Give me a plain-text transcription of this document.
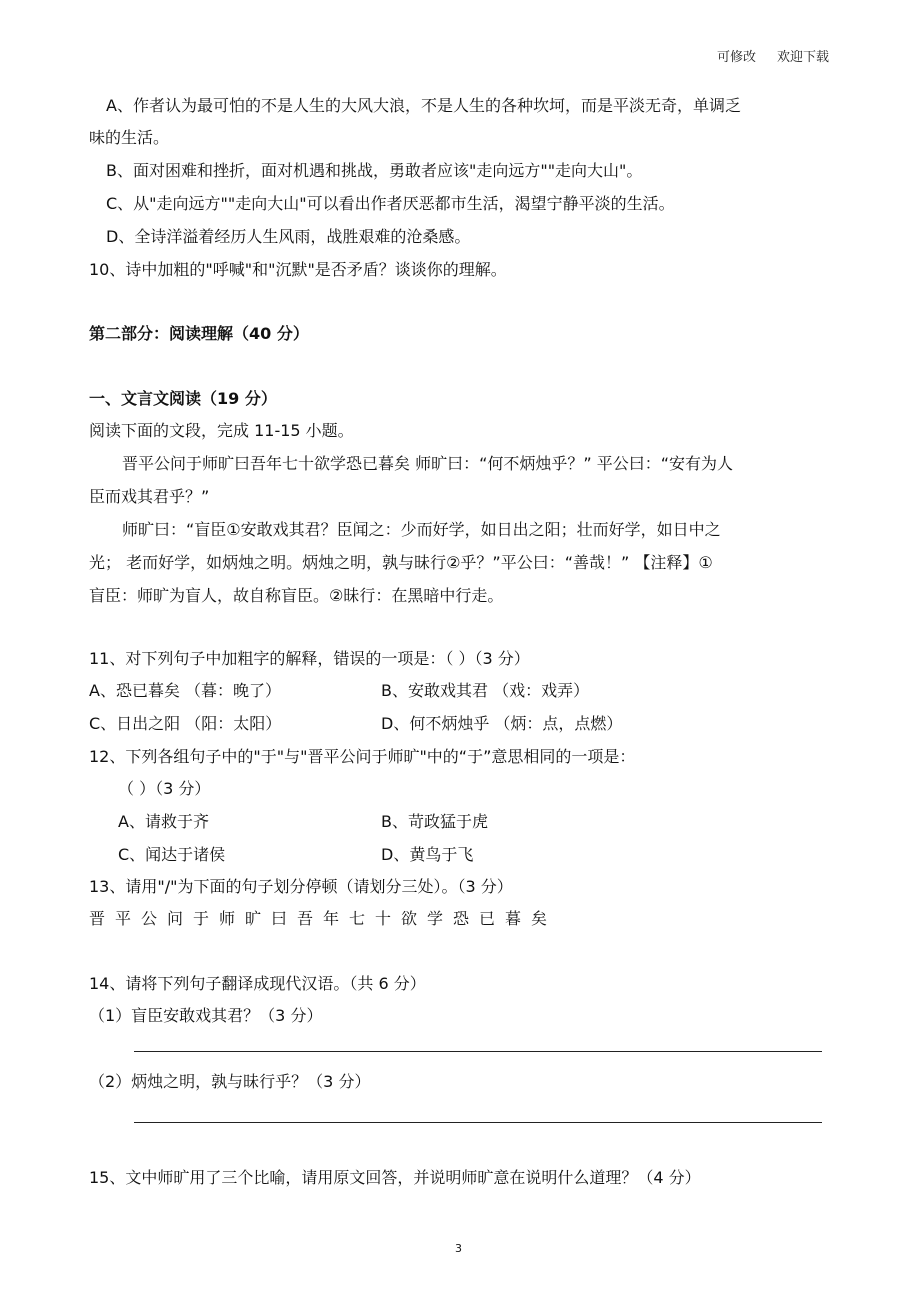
可修改 欢迎下载
A、作者认为最可怕的不是人生的大风大浪，不是人生的各种坎坷，而是平淡无奇，单调乏
味的生活。
B、面对困难和挫折，面对机遇和挑战，勇敢者应该"走向远方""走向大山"。
C、从"走向远方""走向大山"可以看出作者厌恶都市生活，渴望宁静平淡的生活。
D、全诗洋溢着经历人生风雨，战胜艰难的沧桑感。
10、诗中加粗的"呼喊"和"沉默"是否矛盾？谈谈你的理解。
第二部分：阅读理解（40 分）
一、文言文阅读（19 分）
阅读下面的文段，完成 11-15 小题。
晋平公问于师旷曰吾年七十欲学恐已暮矣 师旷曰：“何不炳烛乎？” 平公曰：“安有为人
臣而戏其君乎？”
师旷曰：“盲臣①安敢戏其君？臣闻之：少而好学，如日出之阳；壮而好学，如日中之
光； 老而好学，如炳烛之明。炳烛之明，孰与昧行②乎？”平公曰：“善哉！” 【注释】①
盲臣：师旷为盲人，故自称盲臣。②昧行：在黑暗中行走。
11、对下列句子中加粗字的解释，错误的一项是：（ ）（3 分）
A、恐已暮矣 （暮：晚了）	B、安敢戏其君 （戏：戏弄）
C、日出之阳 （阳：太阳）	D、何不炳烛乎 （炳：点，点燃）
12、下列各组句子中的"于"与"晋平公问于师旷"中的“于”意思相同的一项是：
（ ）（3 分）
A、请救于齐	B、苛政猛于虎
C、闻达于诸侯	D、黄鸟于飞
13、请用"/"为下面的句子划分停顿（请划分三处）。（3 分）
晋平公问于师旷曰吾年七十欲学恐已暮矣
14、请将下列句子翻译成现代汉语。（共 6 分）
（1）盲臣安敢戏其君？（3 分）
（2）炳烛之明，孰与昧行乎？（3 分）
15、文中师旷用了三个比喻，请用原文回答，并说明师旷意在说明什么道理？（4 分）
3
